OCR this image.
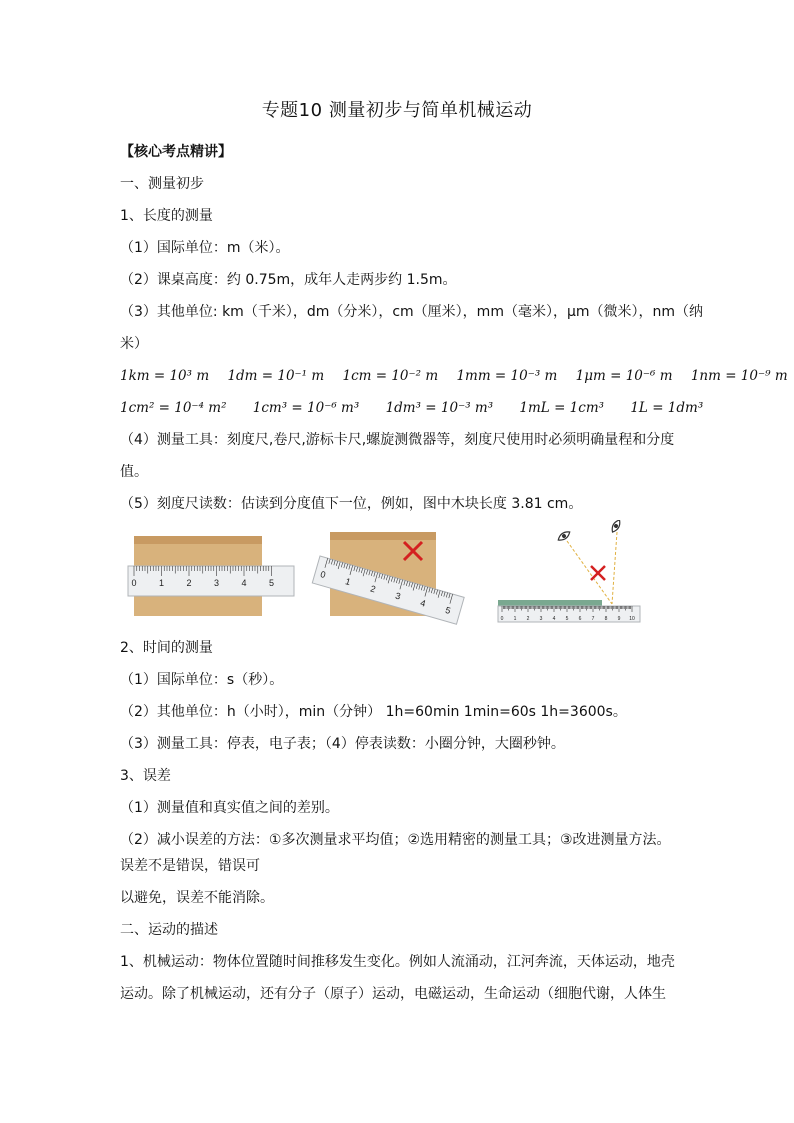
专题10 测量初步与简单机械运动
【核心考点精讲】
一、测量初步
1、长度的测量
（1）国际单位：m（米）。
（2）课桌高度：约 0.75m，成年人走两步约 1.5m。
（3）其他单位: km（千米），dm（分米），cm（厘米），mm（毫米），μm（微米），nm（纳
米）
1km = 10³ m 1dm = 10⁻¹ m 1cm = 10⁻² m 1mm = 10⁻³ m 1μm = 10⁻⁶ m 1nm = 10⁻⁹ m
1cm² = 10⁻⁴ m² 1cm³ = 10⁻⁶ m³ 1dm³ = 10⁻³ m³ 1mL = 1cm³ 1L = 1dm³
（4）测量工具：刻度尺,卷尺,游标卡尺,螺旋测微器等，刻度尺使用时必须明确量程和分度
值。
（5）刻度尺读数：估读到分度值下一位，例如，图中木块长度 3.81 cm。
0 1 2 3 4 5
0
1
2
3
4
5
0 1 2 3 4 5 6 7 8 9 10
2、时间的测量
（1）国际单位：s（秒）。
（2）其他单位：h（小时），min（分钟） 1h=60min 1min=60s 1h=3600s。
（3）测量工具：停表，电子表；（4）停表读数：小圈分钟，大圈秒钟。
3、误差
（1）测量值和真实值之间的差别。
（2）减小误差的方法：①多次测量求平均值；②选用精密的测量工具；③改进测量方法。
误差不是错误，错误可
以避免，误差不能消除。
二、运动的描述
1、机械运动：物体位置随时间推移发生变化。例如人流涌动，江河奔流，天体运动，地壳
运动。除了机械运动，还有分子（原子）运动，电磁运动，生命运动（细胞代谢，人体生
